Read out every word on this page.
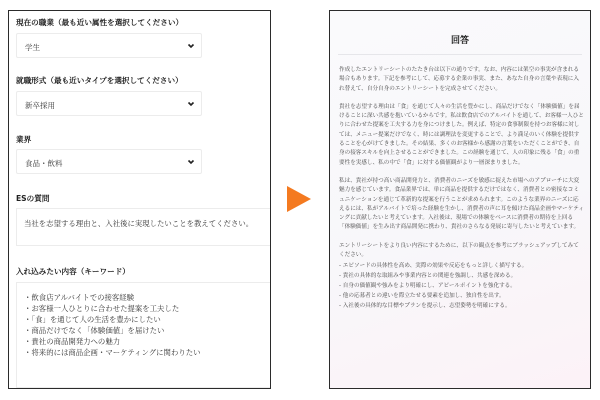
現在の職業（最も近い属性を選択してください）
学生
就職形式（最も近いタイプを選択してください）
新卒採用
業界
食品・飲料
ESの質問
当社を志望する理由と、入社後に実現したいことを教えてください。
入れ込みたい内容（キーワード）
・ 飲食店アルバイトでの接客経験
・ お客様一人ひとりに合わせた提案を工夫した
・ 「食」を通じて人の生活を豊かにしたい
・ 商品だけでなく「体験価値」を届けたい
・ 貴社の商品開発力への魅力
・ 将来的には商品企画・マーケティングに関わりたい
回答

作成したエントリーシートのたたき台は以下の通りです。なお、内容には架空の事実が含まれる場合もあります。下記を参考にして、応募する企業の事実、また、あなた自身の言葉や表現に入れ替えて、自分自身のエントリーシートを完成させてください。

貴社を志望する理由は「食」を通じて人々の生活を豊かにし、商品だけでなく「体験価値」を届けることに深い共感を抱いているからです。私は飲食店でのアルバイトを通して、お客様一人ひとりに合わせた提案を工夫する力を身につけました。例えば、特定の食事制限を持つお客様に対しては、メニュー提案だけでなく、時には調理法を変更することで、より満足のいく体験を提供することを心がけてきました。その結果、多くのお客様から感謝の言葉をいただくことができ、自身の接客スキルを向上させることができました。この経験を通じて、人の印象に残る「食」の重要性を実感し、私の中で「食」に対する価値観がより一層深まりました。

私は、貴社が持つ高い商品開発力と、消費者のニーズを敏感に捉えた市場へのアプローチに大変魅力を感じています。食品業界では、単に商品を提供するだけではなく、消費者との密接なコミュニケーションを通じて革新的な提案を行うことが求められます。このような業界のニーズに応えるには、私がアルバイトで培った経験を生かし、消費者の声に耳を傾けた商品企画やマーケティングに貢献したいと考えています。入社後は、現場での体験をベースに消費者の期待を上回る「体験価値」を生み出す商品開発に携わり、貴社のさらなる発展に寄与したいと考えています。

エントリーシートをより良い内容にするために、以下の観点を参考にブラッシュアップしてみてください。

- エピソードの具体性を高め、実際の効果や反応をもっと詳しく描写する。
- 貴社の具体的な取組みや事業内容との関連を強調し、共感を深める。
- 自身の価値観や強みをより明確にし、アピールポイントを強化する。
- 他の応募者との違いを際立たせる要素を追加し、独自性を出す。
- 入社後の具体的な目標やプランを提示し、志望姿勢を明確にする。
